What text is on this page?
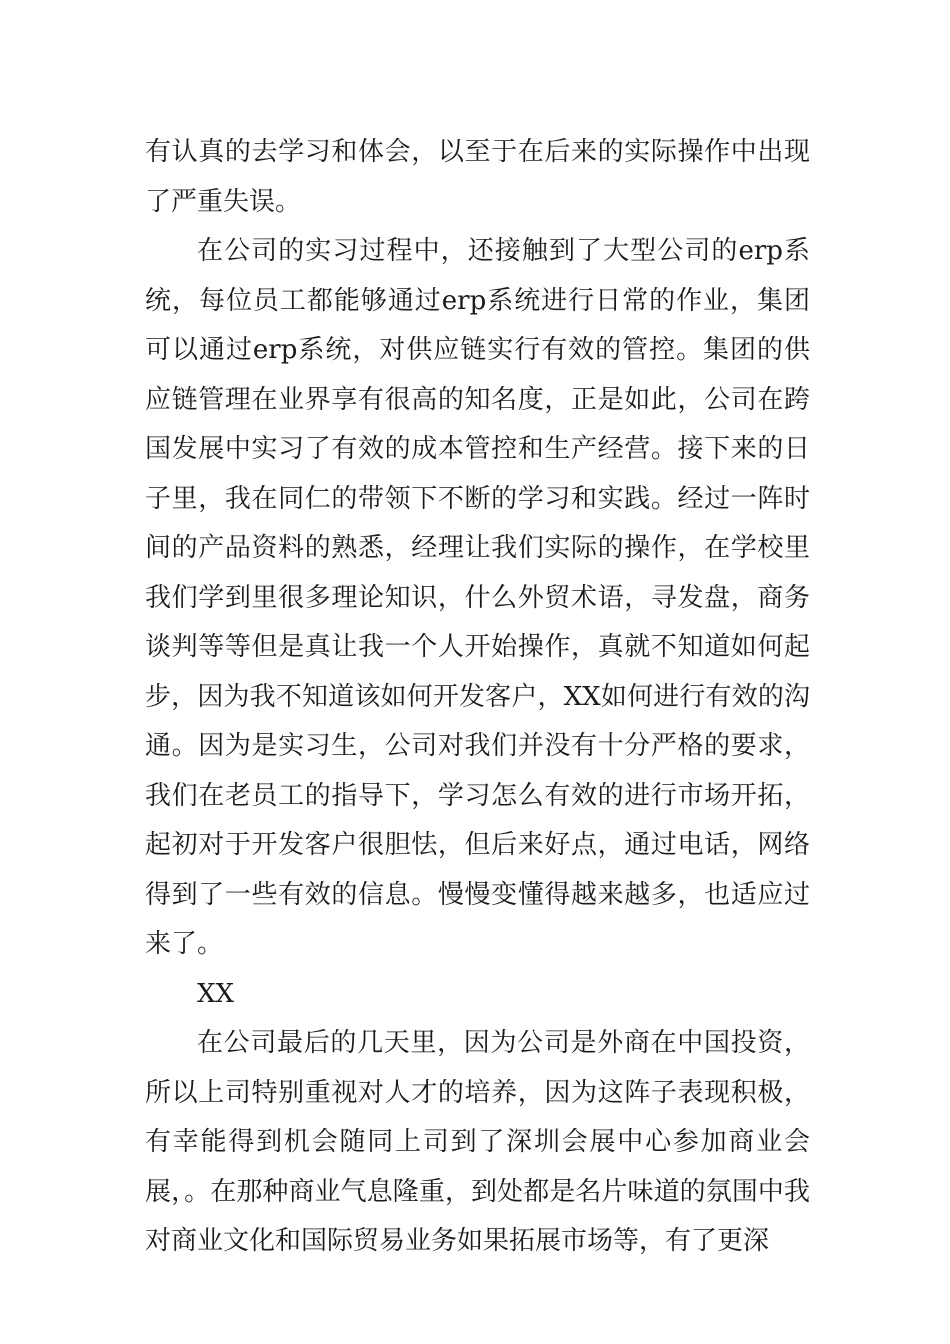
有认真的去学习和体会，以至于在后来的实际操作中出现了严重失误。

在公司的实习过程中，还接触到了大型公司的erp系统，每位员工都能够通过erp系统进行日常的作业，集团可以通过erp系统，对供应链实行有效的管控。集团的供应链管理在业界享有很高的知名度，正是如此，公司在跨国发展中实习了有效的成本管控和生产经营。接下来的日子里，我在同仁的带领下不断的学习和实践。经过一阵时间的产品资料的熟悉，经理让我们实际的操作，在学校里我们学到里很多理论知识，什么外贸术语，寻发盘，商务谈判等等但是真让我一个人开始操作，真就不知道如何起步，因为我不知道该如何开发客户，XX如何进行有效的沟通。因为是实习生，公司对我们并没有十分严格的要求，我们在老员工的指导下，学习怎么有效的进行市场开拓，起初对于开发客户很胆怯，但后来好点，通过电话，网络得到了一些有效的信息。慢慢变懂得越来越多，也适应过来了。

XX

在公司最后的几天里，因为公司是外商在中国投资，所以上司特别重视对人才的培养，因为这阵子表现积极，有幸能得到机会随同上司到了深圳会展中心参加商业会展，。在那种商业气息隆重，到处都是名片味道的氛围中我对商业文化和国际贸易业务如果拓展市场等，有了更深
